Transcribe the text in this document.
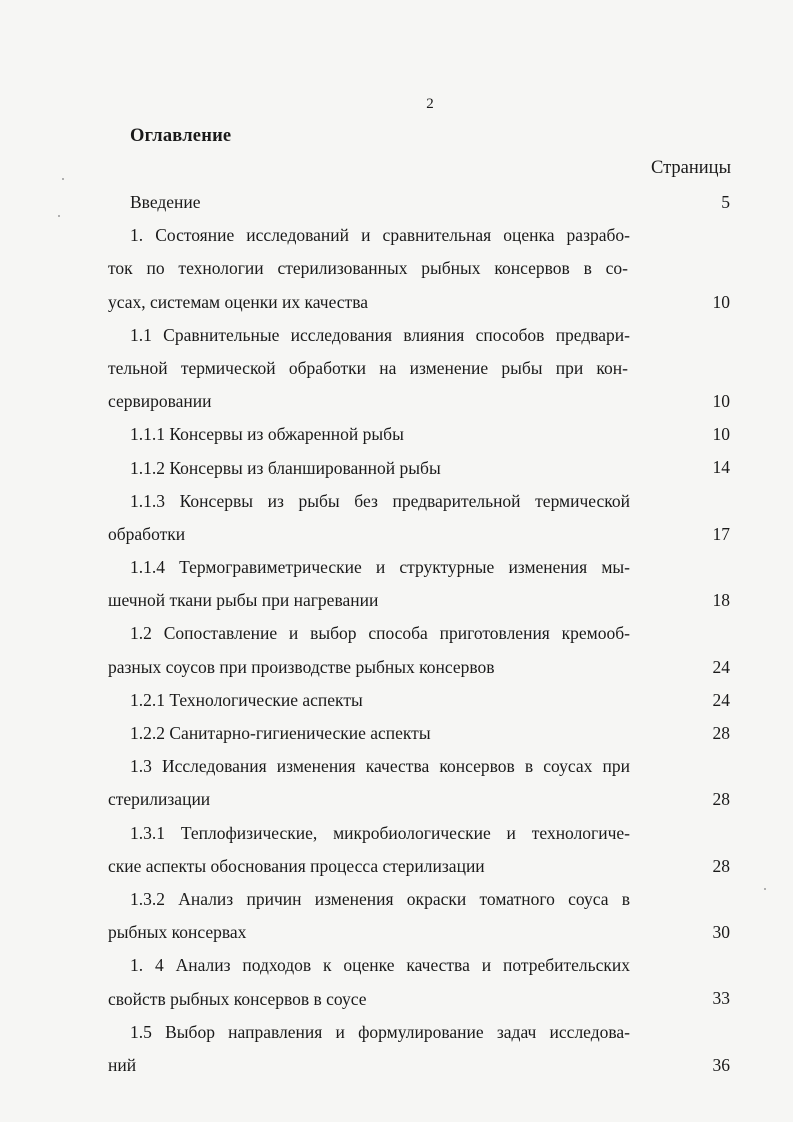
2
Оглавление
Страницы
Введение	5
1. Состояние исследований и сравнительная оценка разрабо-
ток по технологии стерилизованных рыбных консервов в со-
усах, системам оценки их качества	10
1.1 Сравнительные исследования влияния способов предвари-
тельной термической обработки на изменение рыбы при кон-
сервировании	10
1.1.1 Консервы из обжаренной рыбы	10
1.1.2 Консервы из бланшированной рыбы	14
1.1.3 Консервы из рыбы без предварительной термической
обработки	17
1.1.4 Термогравиметрические и структурные изменения мы-
шечной ткани рыбы при нагревании	18
1.2 Сопоставление и выбор способа приготовления кремооб-
разных соусов при производстве рыбных консервов	24
1.2.1 Технологические аспекты	24
1.2.2 Санитарно-гигиенические аспекты	28
1.3 Исследования изменения качества консервов в соусах при
стерилизации	28
1.3.1 Теплофизические, микробиологические и технологиче-
ские аспекты обоснования процесса стерилизации	28
1.3.2 Анализ причин изменения окраски томатного соуса в
рыбных консервах	30
1. 4 Анализ подходов к оценке качества и потребительских
свойств рыбных консервов в соусе	33
1.5 Выбор направления и формулирование задач исследова-
ний	36
